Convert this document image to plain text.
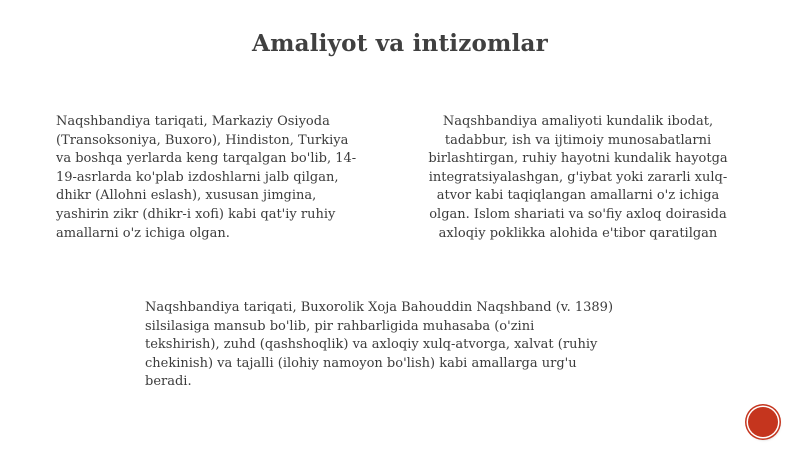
Amaliyot va intizomlar
Naqshbandiya tariqati, Markaziy Osiyoda
(Transoksoniya, Buxoro), Hindiston, Turkiya
va boshqa yerlarda keng tarqalgan bo'lib, 14-
19-asrlarda ko'plab izdoshlarni jalb qilgan,
dhikr (Allohni eslash), xususan jimgina,
yashirin zikr (dhikr-i xofi) kabi qat'iy ruhiy
amallarni o'z ichiga olgan.
Naqshbandiya amaliyoti kundalik ibodat,
tadabbur, ish va ijtimoiy munosabatlarni
birlashtirgan, ruhiy hayotni kundalik hayotga
integratsiyalashgan, g'iybat yoki zararli xulq-
atvor kabi taqiqlangan amallarni o'z ichiga
olgan. Islom shariati va so'fiy axloq doirasida
axloqiy poklikka alohida e'tibor qaratilgan
Naqshbandiya tariqati, Buxorolik Xoja Bahouddin Naqshband (v. 1389)
silsilasiga mansub bo'lib, pir rahbarligida muhasaba (o'zini
tekshirish), zuhd (qashshoqlik) va axloqiy xulq-atvorga, xalvat (ruhiy
chekinish) va tajalli (ilohiy namoyon bo'lish) kabi amallarga urg'u
beradi.
